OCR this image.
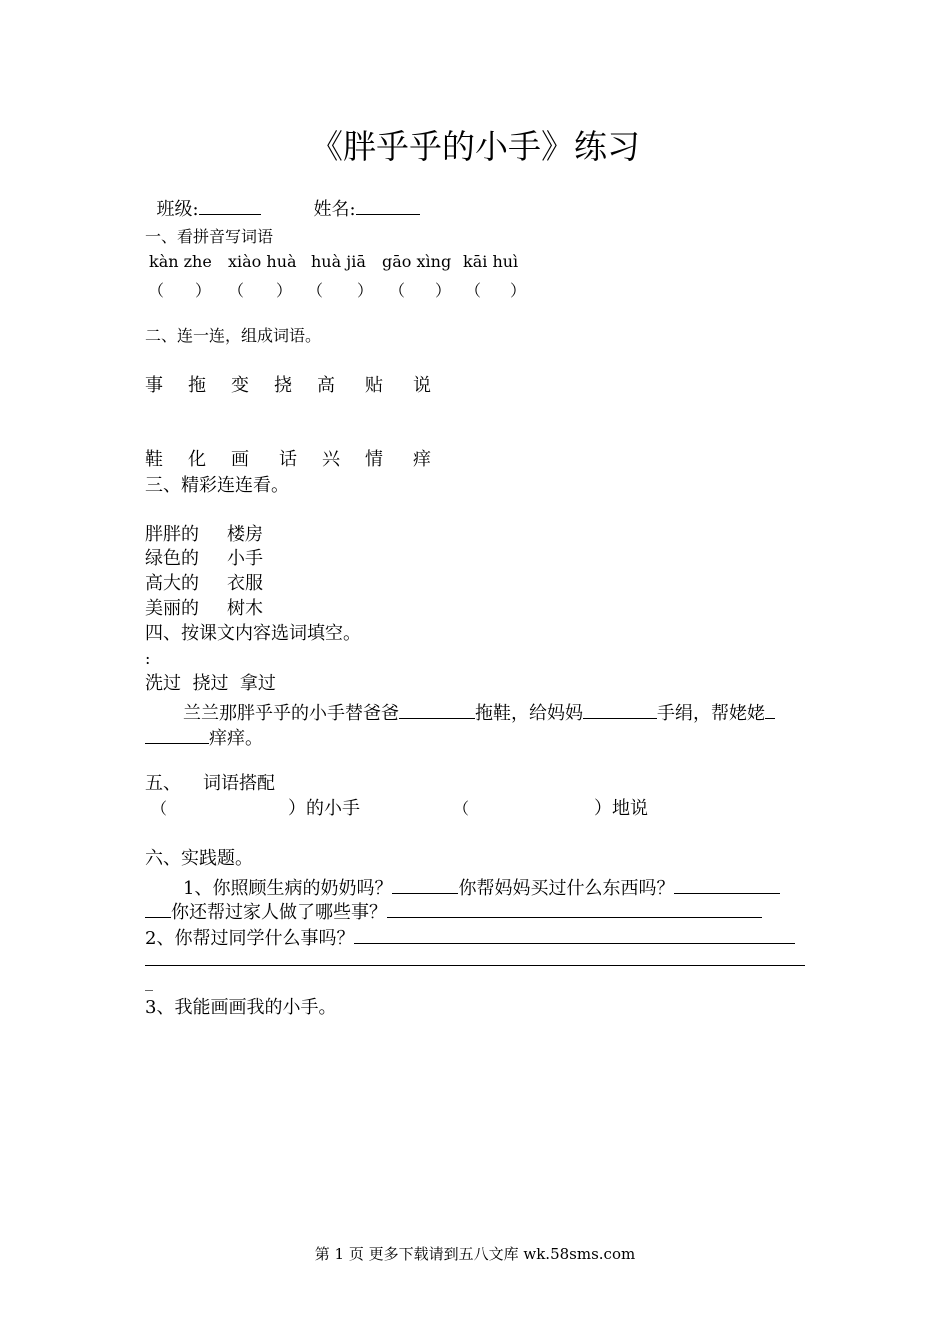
《胖乎乎的小手》练习

班级:	姓名:

一、看拼音写词语
kàn zhe xiào huà huà jiā gāo xìng kāi huì
（ ） （ ） （ ） （ ） （ ）
二、连一连，组成词语。
事 拖 变 挠 高 贴 说
鞋 化 画 话 兴 情 痒
三、精彩连连看。
胖胖的 楼房
绿色的 小手
高大的 衣服
美丽的 树木
四、按课文内容选词填空。
:
洗过  挠过  拿过
兰兰那胖乎乎的小手替爸爸	拖鞋，给妈妈	手绢，帮姥姥
痒痒。
五、 词语搭配
（	）的小手	（	）地说
六、实践题。
1、你照顾生病的奶奶吗？	你帮妈妈买过什么东西吗？
你还帮过家人做了哪些事？
2、你帮过同学什么事吗？
_
3、我能画画我的小手。
第 1 页 更多下载请到五八文库 wk.58sms.com
